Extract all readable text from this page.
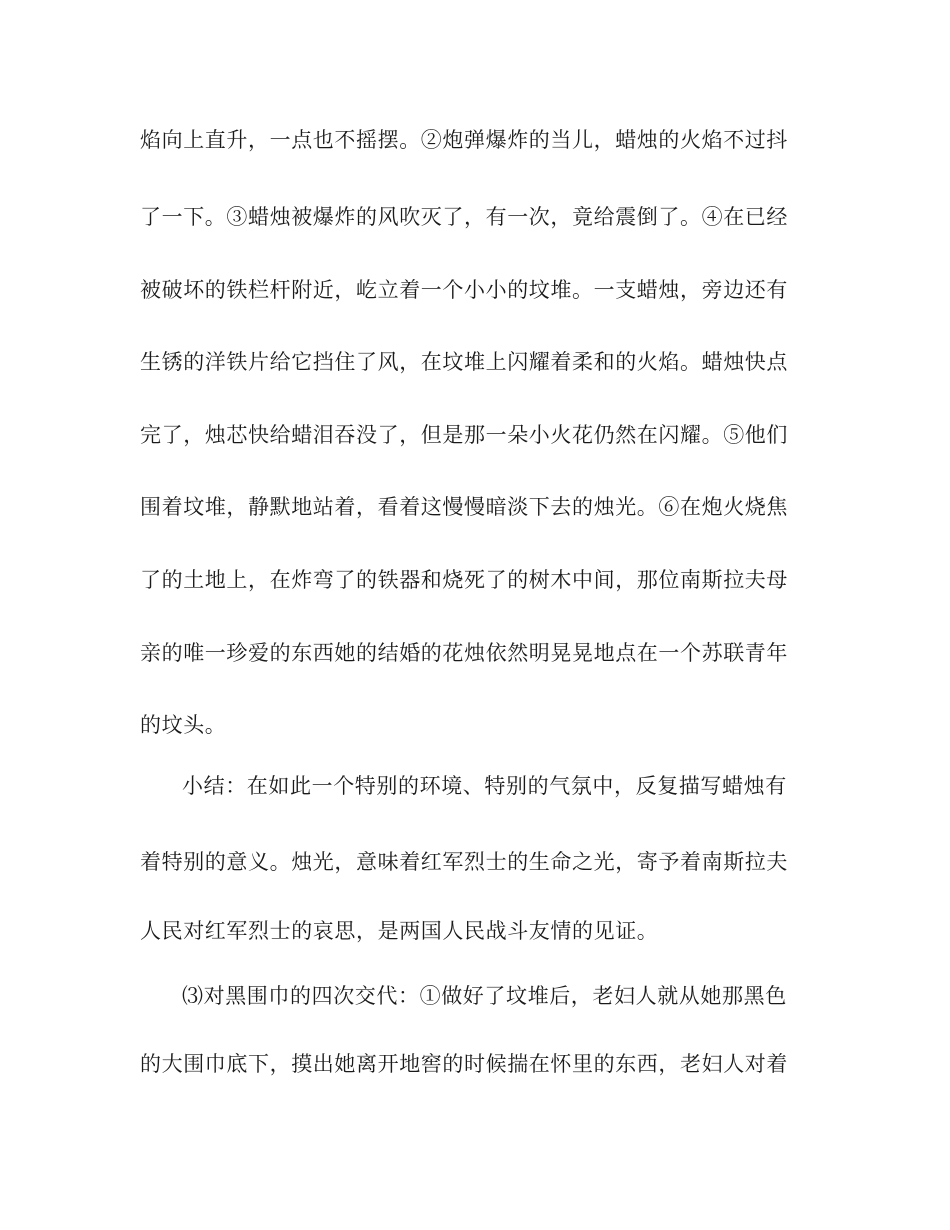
焰向上直升，一点也不摇摆。②炮弹爆炸的当儿，蜡烛的火焰不过抖
了一下。③蜡烛被爆炸的风吹灭了，有一次，竟给震倒了。④在已经
被破坏的铁栏杆附近，屹立着一个小小的坟堆。一支蜡烛，旁边还有
生锈的洋铁片给它挡住了风，在坟堆上闪耀着柔和的火焰。蜡烛快点
完了，烛芯快给蜡泪吞没了，但是那一朵小火花仍然在闪耀。⑤他们
围着坟堆，静默地站着，看着这慢慢暗淡下去的烛光。⑥在炮火烧焦
了的土地上，在炸弯了的铁器和烧死了的树木中间，那位南斯拉夫母
亲的唯一珍爱的东西她的结婚的花烛依然明晃晃地点在一个苏联青年
的坟头。
小结：在如此一个特别的环境、特别的气氛中，反复描写蜡烛有
着特别的意义。烛光，意味着红军烈士的生命之光，寄予着南斯拉夫
人民对红军烈士的哀思，是两国人民战斗友情的见证。
⑶对黑围巾的四次交代：①做好了坟堆后，老妇人就从她那黑色
的大围巾底下，摸出她离开地窖的时候揣在怀里的东西，老妇人对着
